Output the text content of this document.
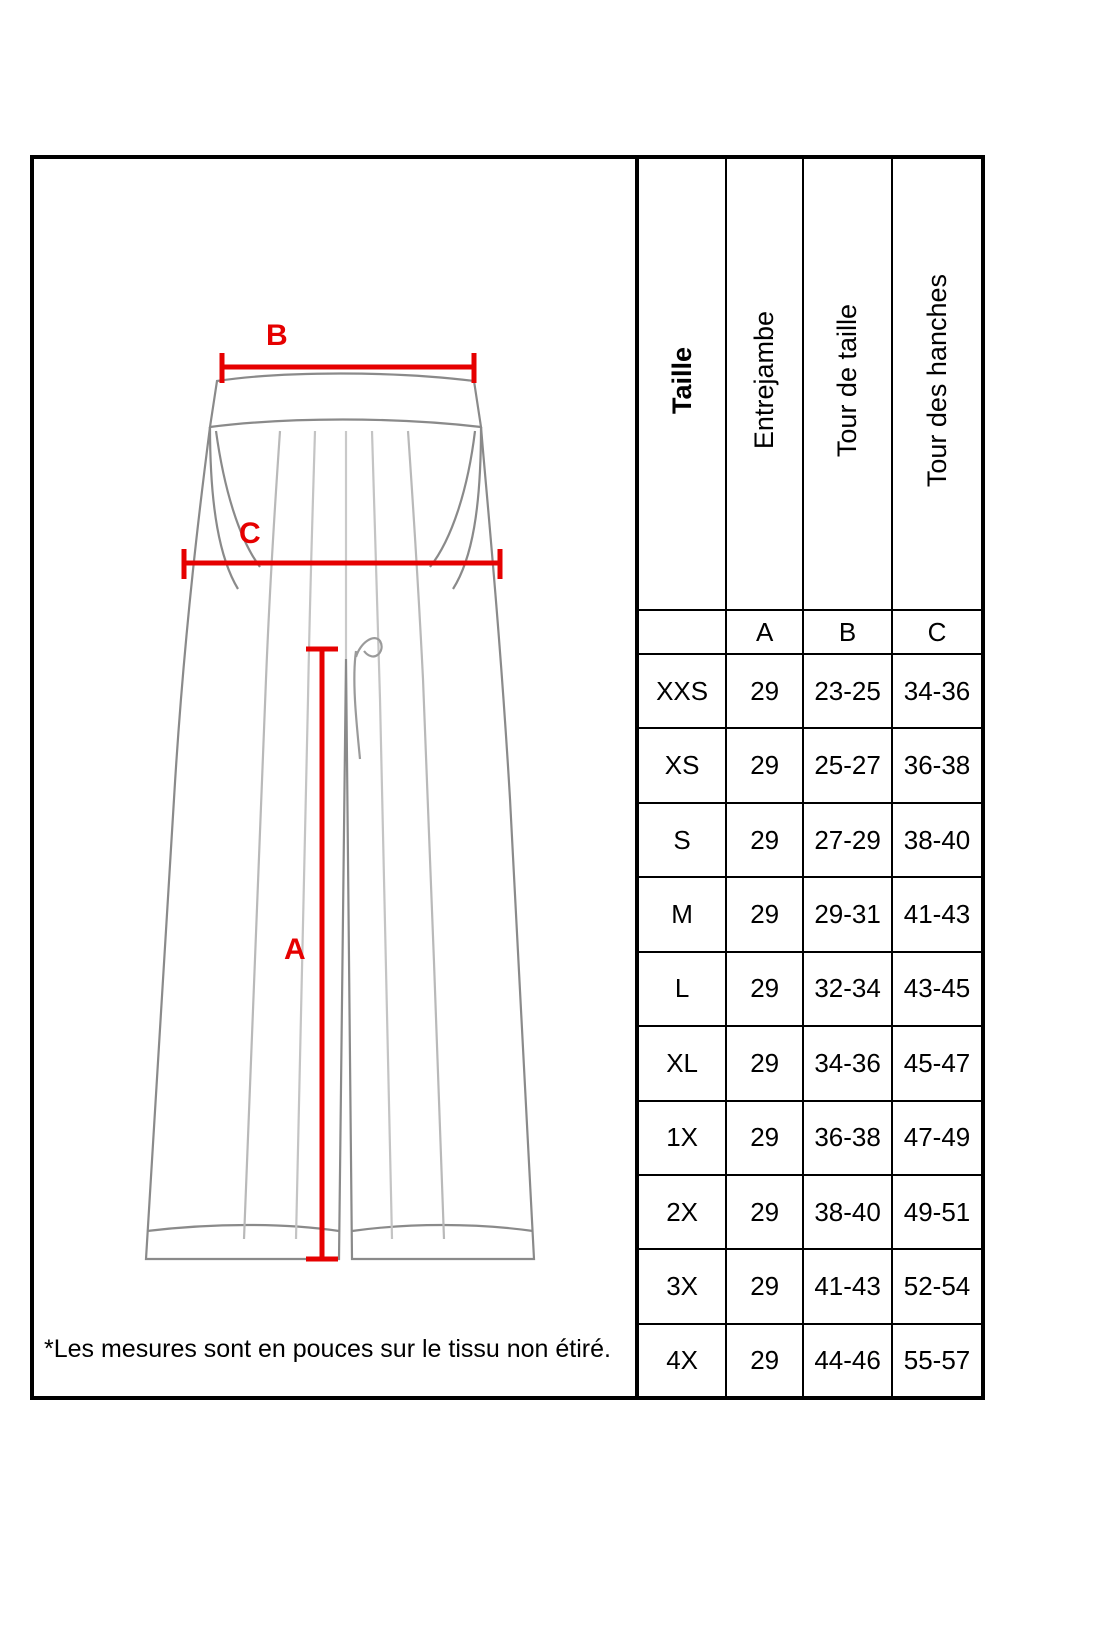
B
C
A
*Les mesures sont en pouces sur le tissu non étiré.
Taille	Entrejambe	Tour de taille	Tour des hanches
	A	B	C
XXS	29	23-25	34-36
XS	29	25-27	36-38
S	29	27-29	38-40
M	29	29-31	41-43
L	29	32-34	43-45
XL	29	34-36	45-47
1X	29	36-38	47-49
2X	29	38-40	49-51
3X	29	41-43	52-54
4X	29	44-46	55-57
